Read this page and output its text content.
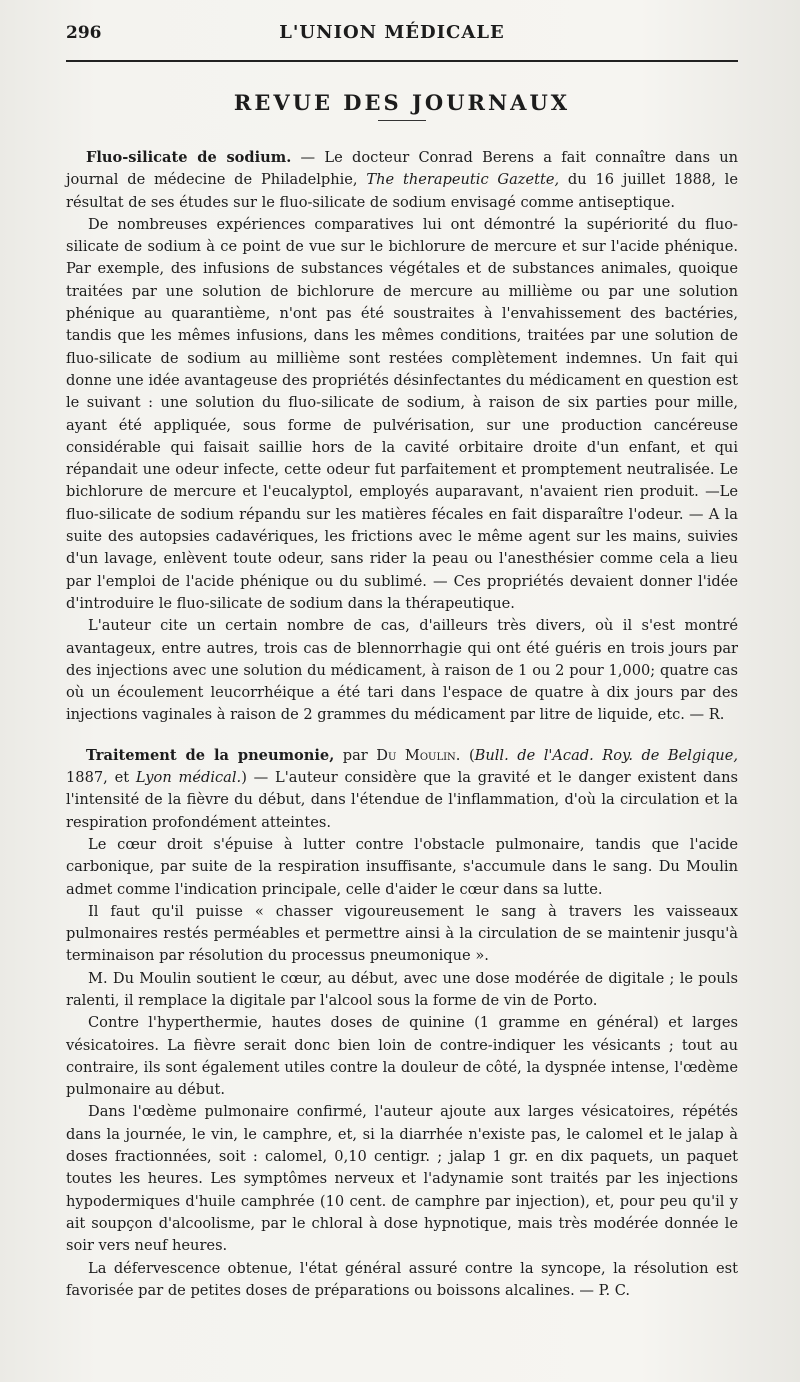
296	L'UNION MÉDICALE
REVUE DES JOURNAUX

Fluo-silicate de sodium. — Le docteur Conrad Berens a fait connaître dans un journal de médecine de Philadelphie, The therapeutic Gazette, du 16 juillet 1888, le résultat de ses études sur le fluo-silicate de sodium envisagé comme antiseptique.

De nombreuses expériences comparatives lui ont démontré la supériorité du fluo-silicate de sodium à ce point de vue sur le bichlorure de mercure et sur l'acide phénique. Par exemple, des infusions de substances végétales et de substances animales, quoique traitées par une solution de bichlorure de mercure au millième ou par une solution phénique au quarantième, n'ont pas été soustraites à l'envahissement des bactéries, tandis que les mêmes infusions, dans les mêmes conditions, traitées par une solution de fluo-silicate de sodium au millième sont restées complètement indemnes. Un fait qui donne une idée avantageuse des propriétés désinfectantes du médicament en question est le suivant : une solution du fluo-silicate de sodium, à raison de six parties pour mille, ayant été appliquée, sous forme de pulvérisation, sur une production cancéreuse considérable qui faisait saillie hors de la cavité orbitaire droite d'un enfant, et qui répandait une odeur infecte, cette odeur fut parfaitement et promptement neutralisée. Le bichlorure de mercure et l'eucalyptol, employés auparavant, n'avaient rien produit. —Le fluo-silicate de sodium répandu sur les matières fécales en fait disparaître l'odeur. — A la suite des autopsies cadavériques, les frictions avec le même agent sur les mains, suivies d'un lavage, enlèvent toute odeur, sans rider la peau ou l'anesthésier comme cela a lieu par l'emploi de l'acide phénique ou du sublimé. — Ces propriétés devaient donner l'idée d'introduire le fluo-silicate de sodium dans la thérapeutique.

L'auteur cite un certain nombre de cas, d'ailleurs très divers, où il s'est montré avantageux, entre autres, trois cas de blennorrhagie qui ont été guéris en trois jours par des injections avec une solution du médicament, à raison de 1 ou 2 pour 1,000; quatre cas où un écoulement leucorrhéique a été tari dans l'espace de quatre à dix jours par des injections vaginales à raison de 2 grammes du médicament par litre de liquide, etc. — R.

Traitement de la pneumonie, par Du Moulin. (Bull. de l'Acad. Roy. de Belgique, 1887, et Lyon médical.) — L'auteur considère que la gravité et le danger existent dans l'intensité de la fièvre du début, dans l'étendue de l'inflammation, d'où la circulation et la respiration profondément atteintes.

Le cœur droit s'épuise à lutter contre l'obstacle pulmonaire, tandis que l'acide carbonique, par suite de la respiration insuffisante, s'accumule dans le sang. Du Moulin admet comme l'indication principale, celle d'aider le cœur dans sa lutte.

Il faut qu'il puisse « chasser vigoureusement le sang à travers les vaisseaux pulmonaires restés perméables et permettre ainsi à la circulation de se maintenir jusqu'à terminaison par résolution du processus pneumonique ».

M. Du Moulin soutient le cœur, au début, avec une dose modérée de digitale ; le pouls ralenti, il remplace la digitale par l'alcool sous la forme de vin de Porto.

Contre l'hyperthermie, hautes doses de quinine (1 gramme en général) et larges vésicatoires. La fièvre serait donc bien loin de contre-indiquer les vésicants ; tout au contraire, ils sont également utiles contre la douleur de côté, la dyspnée intense, l'œdème pulmonaire au début.

Dans l'œdème pulmonaire confirmé, l'auteur ajoute aux larges vésicatoires, répétés dans la journée, le vin, le camphre, et, si la diarrhée n'existe pas, le calomel et le jalap à doses fractionnées, soit : calomel, 0,10 centigr. ; jalap 1 gr. en dix paquets, un paquet toutes les heures. Les symptômes nerveux et l'adynamie sont traités par les injections hypodermiques d'huile camphrée (10 cent. de camphre par injection), et, pour peu qu'il y ait soupçon d'alcoolisme, par le chloral à dose hypnotique, mais très modérée donnée le soir vers neuf heures.

La défervescence obtenue, l'état général assuré contre la syncope, la résolution est favorisée par de petites doses de préparations ou boissons alcalines. — P. C.
